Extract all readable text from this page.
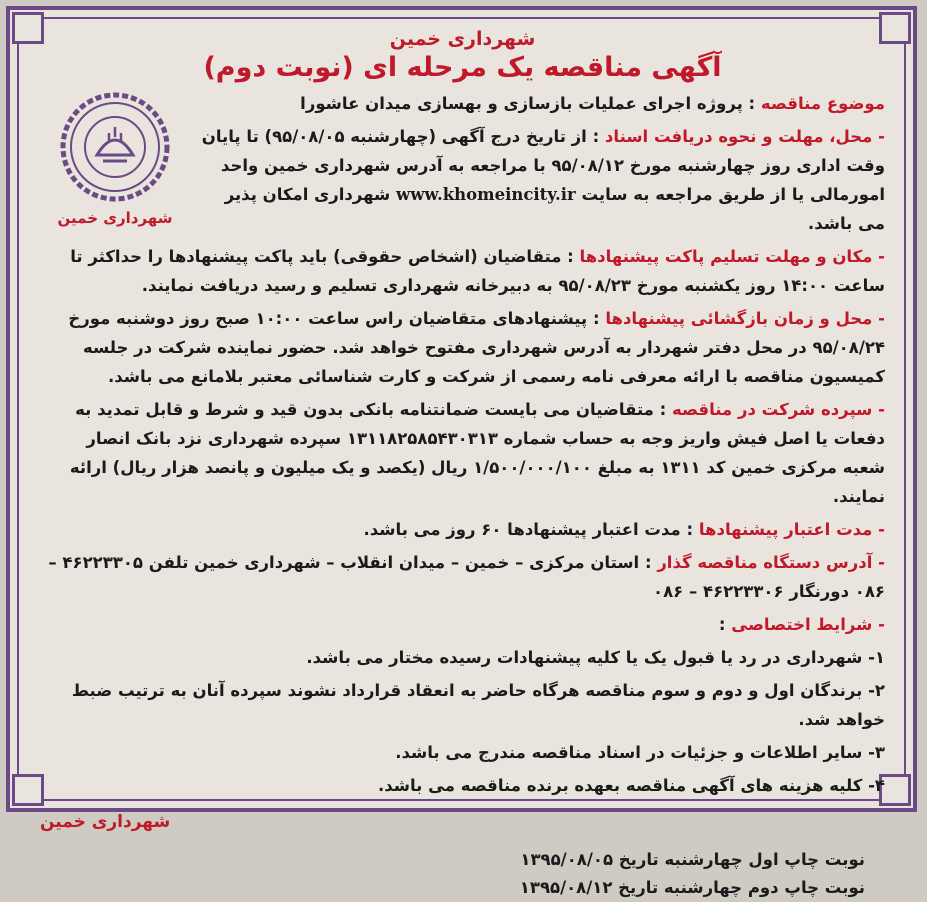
شهرداری خمین
آگهی مناقصه یک مرحله ای (نوبت دوم)
شهرداری خمین

موضوع مناقصه : پروژه اجرای عملیات بازسازی و بهسازی میدان عاشورا

- محل، مهلت و نحوه دریافت اسناد : از تاریخ درج آگهی (چهارشنبه ۹۵/۰۸/۰۵) تا پایان وقت اداری روز چهارشنبه مورخ ۹۵/۰۸/۱۲ با مراجعه به آدرس شهرداری خمین واحد امورمالی یا از طریق مراجعه به سایت www.khomeincity.ir شهرداری امکان پذیر می باشد.

- مکان و مهلت تسلیم پاکت پیشنهادها : متقاضیان (اشخاص حقوقی) باید پاکت پیشنهادها را حداکثر تا ساعت ۱۴:۰۰ روز یکشنبه مورخ ۹۵/۰۸/۲۳ به دبیرخانه شهرداری تسلیم و رسید دریافت نمایند.

- محل و زمان بازگشائی پیشنهادها : پیشنهادهای متقاضیان راس ساعت ۱۰:۰۰ صبح روز دوشنبه مورخ ۹۵/۰۸/۲۴ در محل دفتر شهردار به آدرس شهرداری مفتوح خواهد شد. حضور نماینده شرکت در جلسه کمیسیون مناقصه با ارائه معرفی نامه رسمی از شرکت و کارت شناسائی معتبر بلامانع می باشد.

- سپرده شرکت در مناقصه : متقاضیان می بایست ضمانتنامه بانکی بدون قید و شرط و قابل تمدید به دفعات یا اصل فیش واریز وجه به حساب شماره ۱۳۱۱۸۲۵۸۵۴۳۰۳۱۳ سپرده شهرداری نزد بانک انصار شعبه مرکزی خمین کد ۱۳۱۱ به مبلغ ۱/۵۰۰/۰۰۰/۱۰۰ ریال (یکصد و یک میلیون و پانصد هزار ریال) ارائه نمایند.

- مدت اعتبار پیشنهادها : مدت اعتبار پیشنهادها ۶۰ روز می باشد.

- آدرس دستگاه مناقصه گذار : استان مرکزی – خمین – میدان انقلاب – شهرداری خمین تلفن ۴۶۲۲۳۳۰۵ – ۰۸۶ دورنگار ۴۶۲۲۳۳۰۶ – ۰۸۶

- شرایط اختصاصی :

۱- شهرداری در رد یا قبول یک یا کلیه پیشنهادات رسیده مختار می باشد.

۲- برندگان اول و دوم و سوم مناقصه هرگاه حاضر به انعقاد قرارداد نشوند سپرده آنان به ترتیب ضبط خواهد شد.

۳- سایر اطلاعات و جزئیات در اسناد مناقصه مندرج می باشد.

۴- کلیه هزینه های آگهی مناقصه بعهده برنده مناقصه می باشد.

شهرداری خمین
نوبت چاپ اول چهارشنبه تاریخ ۱۳۹۵/۰۸/۰۵
نوبت چاپ دوم چهارشنبه تاریخ ۱۳۹۵/۰۸/۱۲
